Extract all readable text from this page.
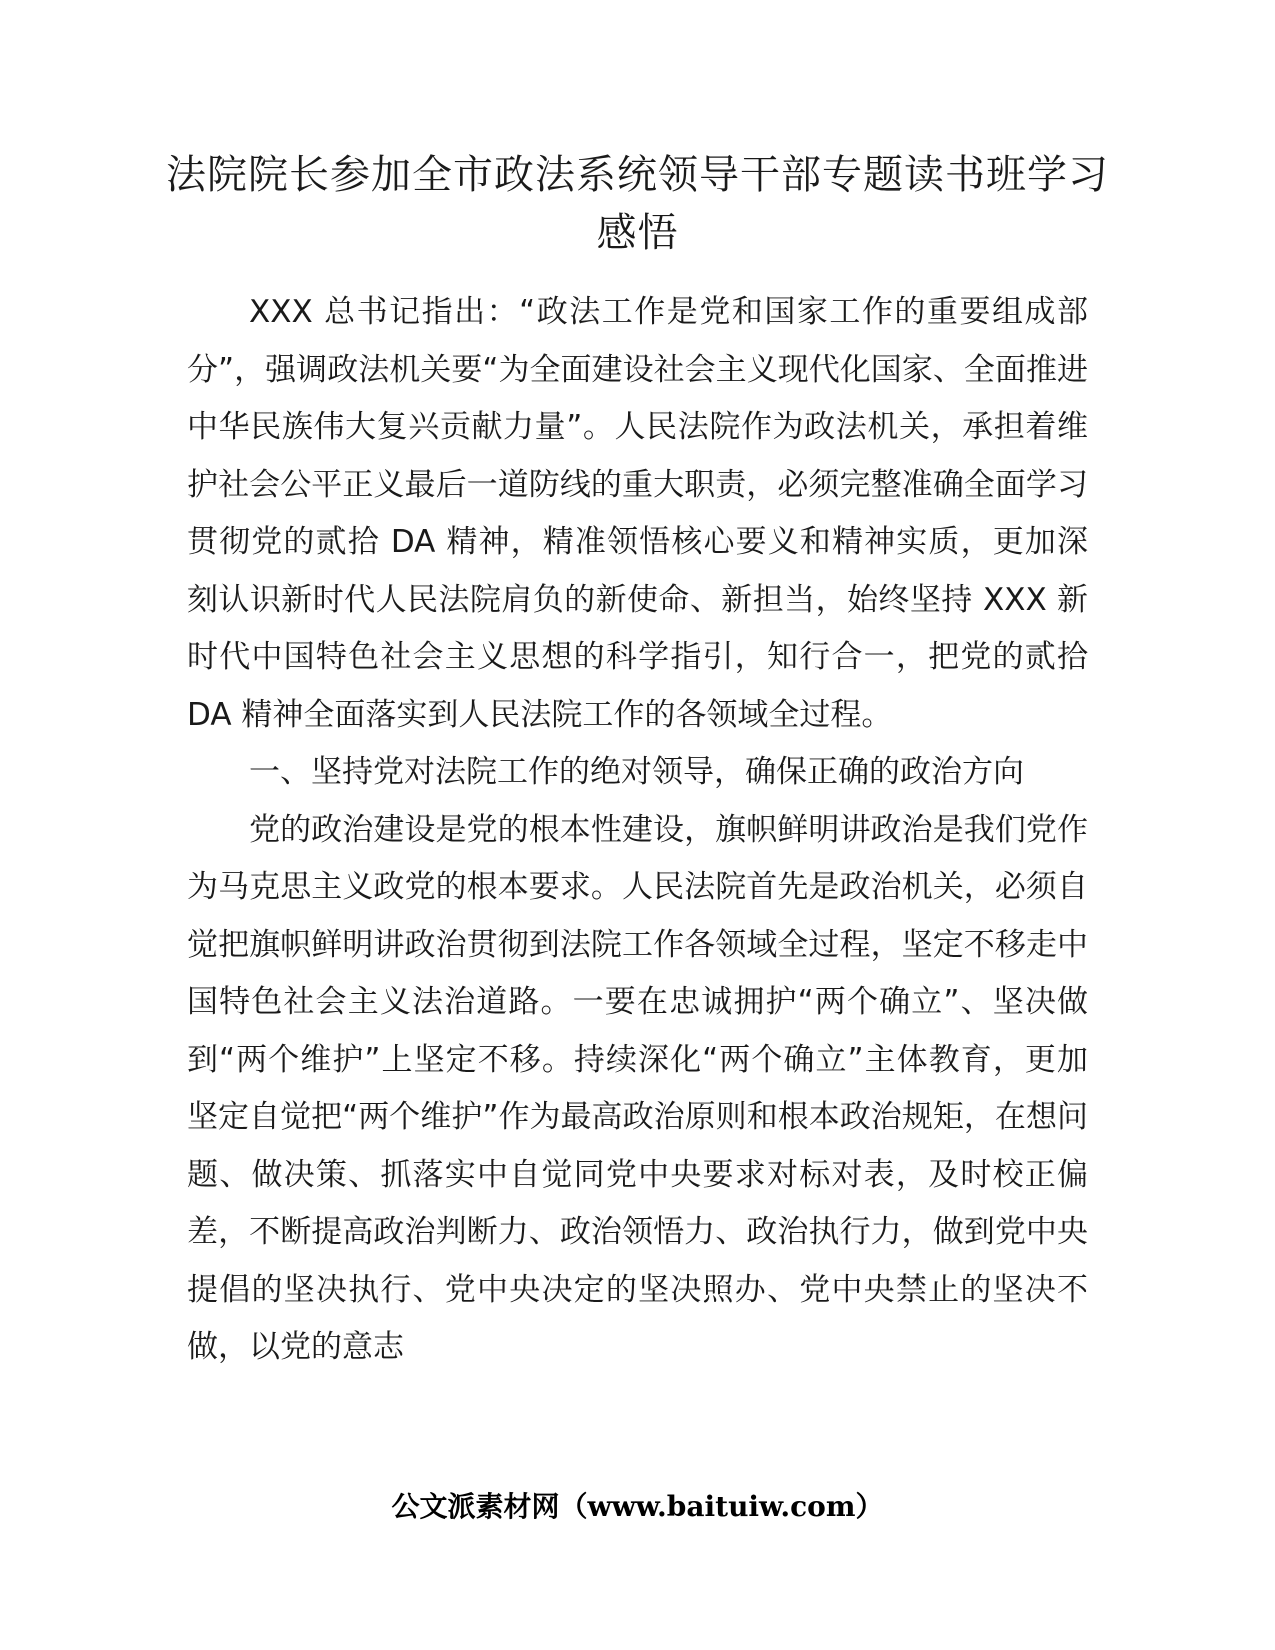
法院院长参加全市政法系统领导干部专题读书班学习感悟

XXX 总书记指出：“政法工作是党和国家工作的重要组成部分”，强调政法机关要“为全面建设社会主义现代化国家、全面推进中华民族伟大复兴贡献力量”。人民法院作为政法机关，承担着维护社会公平正义最后一道防线的重大职责，必须完整准确全面学习贯彻党的贰拾 DA 精神，精准领悟核心要义和精神实质，更加深刻认识新时代人民法院肩负的新使命、新担当，始终坚持 XXX 新时代中国特色社会主义思想的科学指引，知行合一，把党的贰拾 DA 精神全面落实到人民法院工作的各领域全过程。

一、坚持党对法院工作的绝对领导，确保正确的政治方向

党的政治建设是党的根本性建设，旗帜鲜明讲政治是我们党作为马克思主义政党的根本要求。人民法院首先是政治机关，必须自觉把旗帜鲜明讲政治贯彻到法院工作各领域全过程，坚定不移走中国特色社会主义法治道路。一要在忠诚拥护“两个确立”、坚决做到“两个维护”上坚定不移。持续深化“两个确立”主体教育，更加坚定自觉把“两个维护”作为最高政治原则和根本政治规矩，在想问题、做决策、抓落实中自觉同党中央要求对标对表，及时校正偏差，不断提高政治判断力、政治领悟力、政治执行力，做到党中央提倡的坚决执行、党中央决定的坚决照办、党中央禁止的坚决不做，以党的意志

公文派素材网（www.baituiw.com）
